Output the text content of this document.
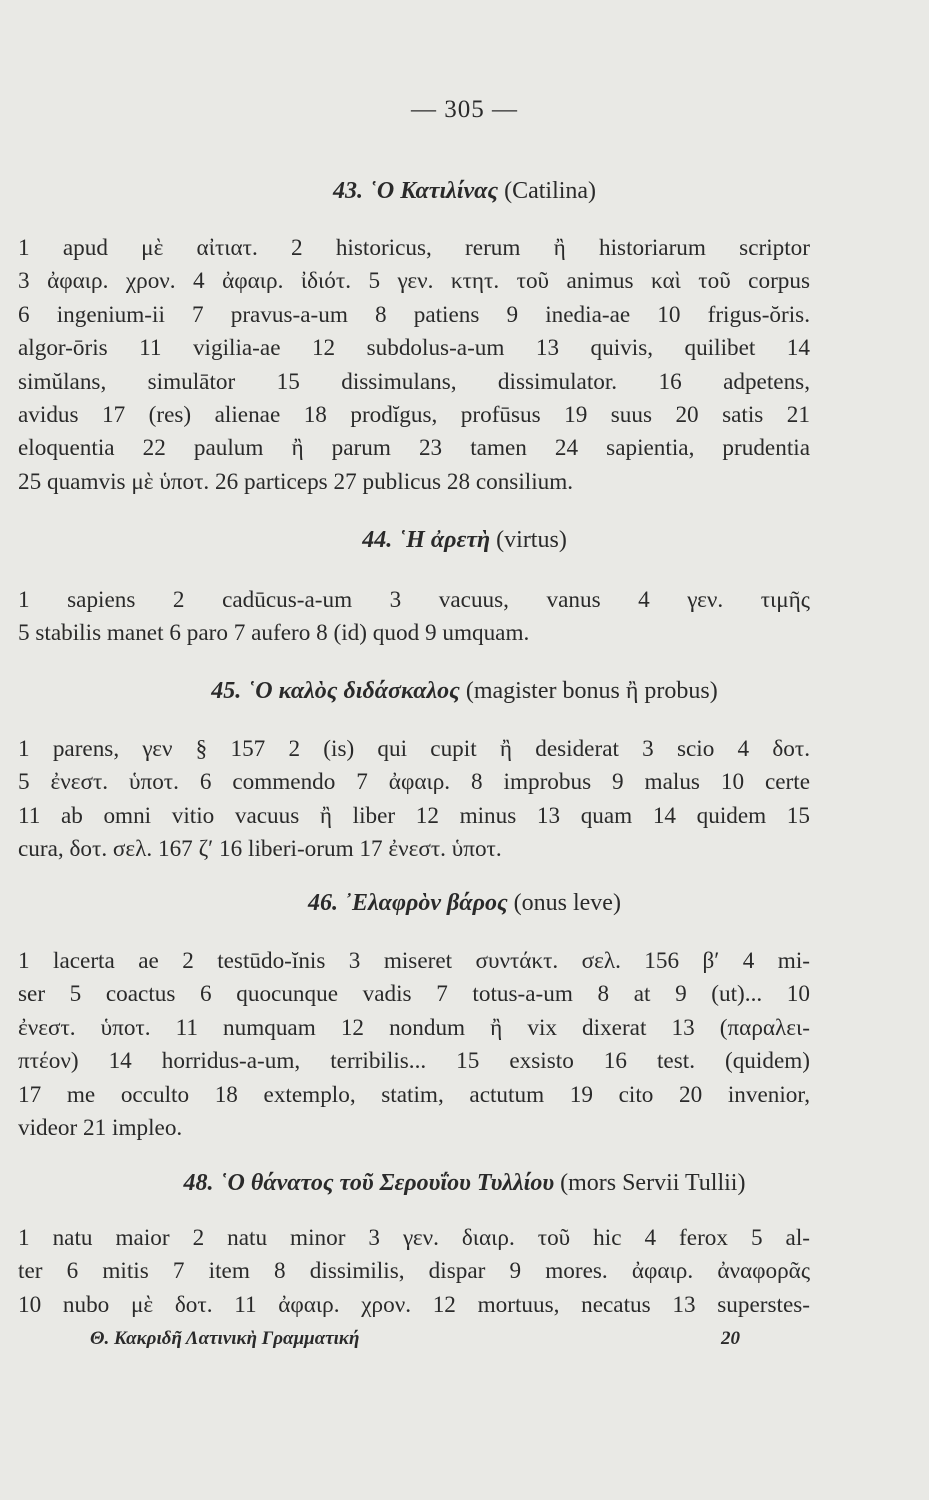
— 305 —
43. ῾Ο Κατιλίνας (Catilina)
1 apud μὲ αἰτιατ. 2 historicus, rerum ἢ historiarum scriptor
3 ἀφαιρ. χρον. 4 ἀφαιρ. ἰδιότ. 5 γεν. κτητ. τοῦ animus καὶ τοῦ corpus
6 ingenium-ii 7 pravus-a-um 8 patiens 9 inedia-ae 10 frigus-ŏris.
algor-ōris 11 vigilia-ae 12 subdolus-a-um 13 quivis, quilibet 14
simŭlans, simulātor 15 dissimulans, dissimulator. 16 adpetens,
avidus 17 (res) alienae 18 prodĭgus, profūsus 19 suus 20 satis 21
eloquentia 22 paulum ἢ parum 23 tamen 24 sapientia, prudentia
25 quamvis μὲ ὑποτ. 26 particeps 27 publicus 28 consilium.
44. ῾Η ἀρετὴ (virtus)
1 sapiens 2 cadūcus-a-um 3 vacuus, vanus 4 γεν. τιμῆς
5 stabilis manet 6 paro 7 aufero 8 (id) quod 9 umquam.
45. ῾Ο καλὸς διδάσκαλος (magister bonus ἢ probus)
1 parens, γεν § 157 2 (is) qui cupit ἢ desiderat 3 scio 4 δοτ.
5 ἐνεστ. ὑποτ. 6 commendo 7 ἀφαιρ. 8 improbus 9 malus 10 certe
11 ab omni vitio vacuus ἢ liber 12 minus 13 quam 14 quidem 15
cura, δοτ. σελ. 167 ζ′ 16 liberi-orum 17 ἐνεστ. ὑποτ.
46. ᾿Ελαφρὸν βάρος (onus leve)
1 lacerta ae 2 testūdo-ĭnis 3 miseret συντάκτ. σελ. 156 β′ 4 mi-
ser 5 coactus 6 quocunque vadis 7 totus-a-um 8 at 9 (ut)... 10
ἐνεστ. ὑποτ. 11 numquam 12 nondum ἢ vix dixerat 13 (παραλει-
πτέον) 14 horridus-a-um, terribilis... 15 exsisto 16 test. (quidem)
17 me occulto 18 extemplo, statim, actutum 19 cito 20 invenior,
videor 21 impleo.
48. ῾Ο θάνατος τοῦ Σερουΐου Τυλλίου (mors Servii Tullii)
1 natu maior 2 natu minor 3 γεν. διαιρ. τοῦ hic 4 ferox 5 al-
ter 6 mitis 7 item 8 dissimilis, dispar 9 mores. ἀφαιρ. ἀναφορᾶς
10 nubo μὲ δοτ. 11 ἀφαιρ. χρον. 12 mortuus, necatus 13 superstes-
Θ. Κακριδῆ Λατινικὴ Γραμματική	20
